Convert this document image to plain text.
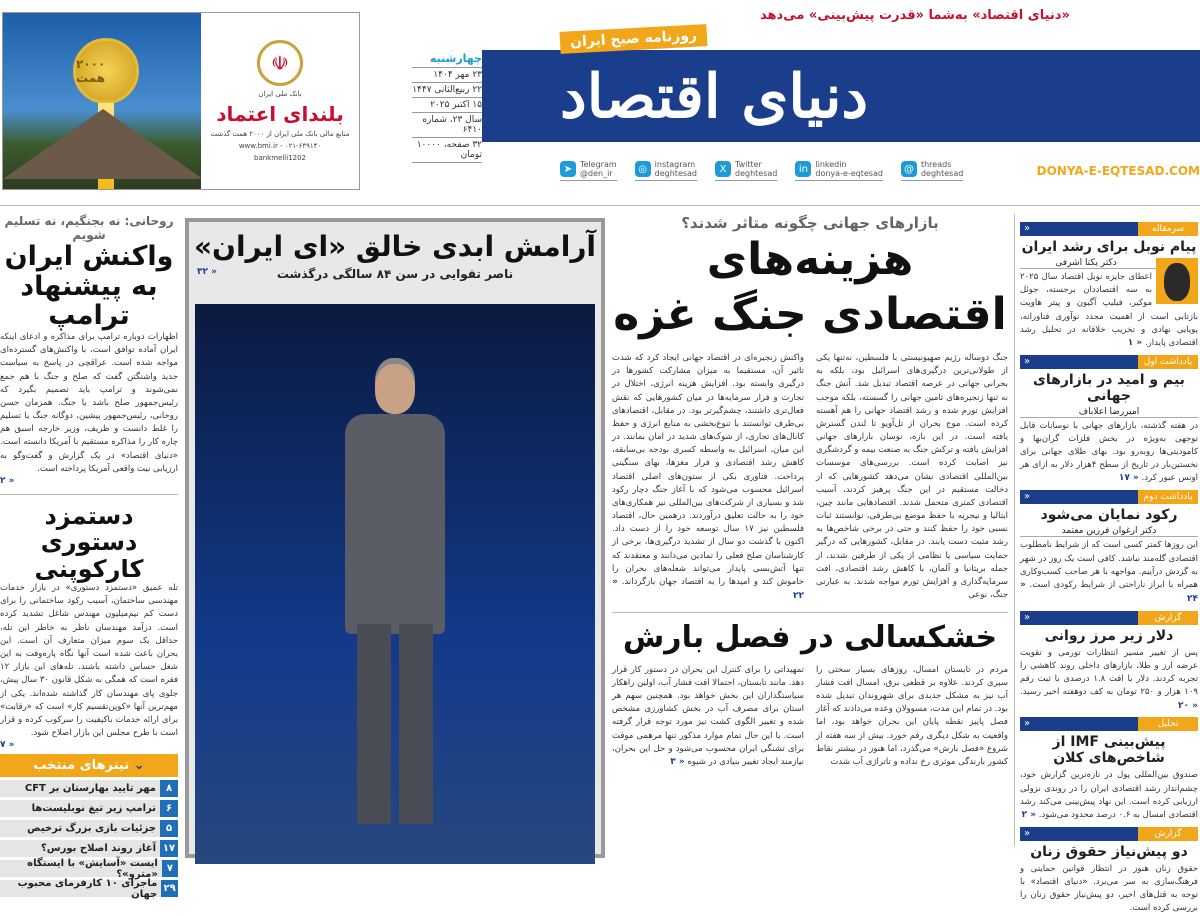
۲۰۰۰ همت
☫
بانک ملی ایران
بلندای اعتماد
منابع مالی بانک ملی ایران از ۲۰۰۰ همت گذشت
www.bmi.ir - ۰۲۱-۶۴۹۱۴۰
bankmelli1202
«دنیای اقتصاد» به‌شما «قدرت پیش‌بینی» می‌دهد
دنیای اقتصاد
روزنامه صبح ایران
چهارشنبه
۲۳ مهر ۱۴۰۴
۲۲ ربیع‌الثانی ۱۴۴۷
۱۵ اکتبر ۲۰۲۵
سال ۲۳، شماره ۶۴۱۰
۳۲ صفحه، ۱۰۰۰۰ تومان
➤ Telegram
@den_ir	◎ instagram
deghtesad	X	Twitter
deghtesad	in linkedin
donya-e-eqtesad	@ threads
deghtesad	DONYA-E-EQTESAD.COM
روحانی: نه بجنگیم، نه تسلیم شویم
واکنش ایران به پیشنهاد ترامپ
اظهارات دوباره ترامپ برای مذاکره و ادعای اینکه ایران آماده توافق است، با واکنش‌های گسترده‌ای مواجه شده است. عراقچی در پاسخ به سیاست جدید واشنگتن گفت که صلح و جنگ با هم جمع نمی‌شوند و ترامپ باید تصمیم بگیرد که رئیس‌جمهور صلح باشد یا جنگ. همزمان حسن روحانی، رئیس‌جمهور پیشین، دوگانه جنگ یا تسلیم را غلط دانست و ظریف، وزیر خارجه اسبق هم چاره کار را مذاکره مستقیم با آمریکا دانسته است. «دنیای اقتصاد» در یک گزارش و گفت‌وگو به ارزیابی نیت واقعی آمریکا پرداخته است.
« ۲
دستمزد دستوری کارکوپنی
تله عمیق «دستمزد دستوری» در بازار خدمات مهندسی ساختمان، آسیب رکود ساختمانی را برای دست کم نیم‌میلیون مهندس شاغل تشدید کرده است. درآمد مهندسان ناظر به خاطر این تله، حداقل یک سوم میزان متعارف آن است. این بحران باعث شده است آنها نگاه پاره‌وقت به این شغل حساس داشته باشند. تله‌های این بازار ۱۲ فقره است که همگی به شکل قانون ۳۰ سال پیش، جلوی پای مهندسان کار گذاشته شده‌اند. یکی از مهم‌ترین آنها «کوپن‌تقسیم کار» است که «رقابت» برای ارائه خدمات باکیفیت را سرکوب کرده و قرار است با طرح مجلس این بازار اصلاح شود.
« ۷
⌄ تیترهای منتخب
۸
مهر تایید بهارستان بر CFT
۶
ترامپ زیر تیغ نوبلیست‌ها
۵
جزئیات بازی بزرگ ترخیص
۱۷
آغاز روند اصلاح بورس؟
۷
ایست «آسایش» با ایستگاه «مترو»؟
۲۹
ماجرای ۱۰ کارفرمای محبوب جهان
آرامش ابدی خالق «ای ایران»
ناصر تقوایی در سن ۸۴ سالگی درگذشت
« ۳۲
بازارهای جهانی چگونه متاثر شدند؟
هزینه‌های اقتصادی جنگ غزه
جنگ دوساله رژیم صهیونیستی با فلسطین، نه‌تنها یکی از طولانی‌ترین درگیری‌های اسرائیل بود، بلکه به بحرانی جهانی در عرصه اقتصاد تبدیل شد. آتش جنگ نه تنها زنجیره‌های تامین جهانی را گسسته، بلکه موجب افزایش تورم شده و رشد اقتصاد جهانی را هم آهسته کرده است. موج بحران از تل‌آویو تا لندن گسترش یافته است. در این بازه، نوسان بازارهای جهانی افزایش یافته و ترکش جنگ به صنعت بیمه و گردشگری نیز اصابت کرده است. بررسی‌های موسسات بین‌المللی اقتصادی نشان می‌دهد کشورهایی که از دخالت مستقیم در این جنگ پرهیز کردند، آسیب اقتصادی کمتری متحمل شدند. اقتصادهایی مانند چین، ایتالیا و نیجریه با حفظ موضع بی‌طرفی، توانستند ثبات نسبی خود را حفظ کنند و حتی در برخی شاخص‌ها به رشد مثبت دست یابند. در مقابل، کشورهایی که درگیر حمایت سیاسی یا نظامی از یکی از طرفین شدند، از جمله بریتانیا و آلمان، با کاهش رشد اقتصادی، افت سرمایه‌گذاری و افزایش تورم مواجه شدند. به عبارتی جنگ، نوعی
واکنش زنجیره‌ای در اقتصاد جهانی ایجاد کرد که شدت تاثیر آن، مستقیما به میزان مشارکت کشورها در درگیری وابسته بود. افزایش هزینه انرژی، اختلال در تجارت و فرار سرمایه‌ها در میان کشورهایی که نقش فعال‌تری داشتند، چشم‌گیرتر بود. در مقابل، اقتصادهای بی‌طرف توانستند با تنوع‌بخشی به منابع انرژی و حفظ کانال‌های تجاری، از شوک‌های شدید در امان بمانند. در این میان، اسرائیل به واسطه کسری بودجه بی‌سابقه، کاهش رشد اقتصادی و فرار مغزها، بهای سنگینی پرداخت. فناوری یکی از ستون‌های اصلی اقتصاد اسرائیل محسوب می‌شود که با آغاز جنگ دچار رکود شد و بسیاری از شرکت‌های بین‌المللی نیز همکاری‌های خود را به حالت تعلیق درآوردند. درهمین حال، اقتصاد فلسطین نیز ۱۷ سال توسعه خود را از دست داد. اکنون با گذشت دو سال از تشدید درگیری‌ها، برخی از کارشناسان صلح فعلی را تمادین می‌دانند و معتقدند که تنها آتش‌بسی پایدار می‌تواند شعله‌های بحران را خاموش کند و امیدها را به اقتصاد جهان بازگرداند. « ۲۲
خشکسالی در فصل بارش
مردم در تابستان امسال، روزهای بسیار سختی را سپری کردند. علاوه بر قطعی برق، امسال افت فشار آب نیز به مشکل جدیدی برای شهروندان تبدیل شده بود. در تمام این مدت، مسوولان وعده می‌دادند که آغاز فصل پاییز نقطه پایان این بحران خواهد بود، اما واقعیت به شکل دیگری رقم خورد. بیش از سه هفته از شروع «فصل بارش» می‌گذرد، اما هنوز در بیشتر نقاط کشور بارندگی موثری رخ نداده و تاتراژی آب شدت
تمهیداتی را برای کنترل این بحران در دستور کار قرار دهد. مانند تابستان، احتمالا افت فشار آب، اولین راهکار سیاستگذاران این بخش خواهد بود. همچنین سهم هر استان برای مصرف آب در بخش کشاورزی مشخص شده و تغییر الگوی کشت نیز مورد توجه قرار گرفته است. با این حال تمام موارد مذکور تنها مرهمی موقت برای تشنگی ایران محسوب می‌شود و حل این بحران، نیازمند ایجاد تغییر بنیادی در شیوه « ۳
سرمقاله
«
پیام نوبل برای رشد ایران
دکتر یکتا اشرفی
اعطای جایزه نوبل اقتصاد سال ۲۰۲۵ به سه اقتصاددان برجسته، جوئل موکیر، فیلیپ آگیون و پیتر هاویت بازتابی است از اهمیت مجدد نوآوری فناورانه، پویایی نهادی و تخریب خلاقانه در تحلیل رشد اقتصادی پایدار. « ۱
یادداشت اول
«
بیم و امید در بازارهای جهانی
امیررضا اعلاباف
در هفته گذشته، بازارهای جهانی با نوسانات قابل توجهی به‌ویژه در بخش فلزات گران‌بها و کامودیتی‌ها روبه‌رو بود. بهای طلای جهانی برای نخستین‌بار در تاریخ از سطح ۴هزار دلار به ازای هر اونس عبور کرد. « ۱۷
یادداشت دوم
«
رکود نمایان می‌شود
دکتر ارغوان فرزین معتمد
این روزها کمتر کسی است که از شرایط نامطلوب اقتصادی گله‌مند نباشد. کافی است یک روز در شهر به گردش درآییم. مواجهه با هر صاحب کسب‌وکاری همراه با ابراز ناراحتی از شرایط رکودی است. « ۲۴
گزارش
«
دلار زیر مرز روانی
پس از تغییر مسیر انتظارات تورمی و تقویت عرضه ارز و طلا، بازارهای داخلی روند کاهشی را تجربه کردند. دلار با افت ۱.۸ درصدی با ثبت رقم ۱۰۹ هزار و ۲۵۰ تومان به کف دوهفته اخیر رسید. « ۲۰
تحلیل
«
پیش‌بینی IMF از شاخص‌های کلان
صندوق بین‌المللی پول در تازه‌ترین گزارش خود، چشم‌انداز رشد اقتصادی ایران را در روندی نزولی ارزیابی کرده است. این نهاد پیش‌بینی می‌کند رشد اقتصادی امسال به ۰.۶ درصد محدود می‌شود. « ۲
گزارش
«
دو پیش‌نیاز حقوق زنان
حقوق زنان هنوز در انتظار قوانین حمایتی و فرهنگ‌سازی به سر می‌برد. «دنیای اقتصاد» با توجه به قتل‌های اخیر، دو پیش‌نیاز حقوق زنان را بررسی کرده است.
